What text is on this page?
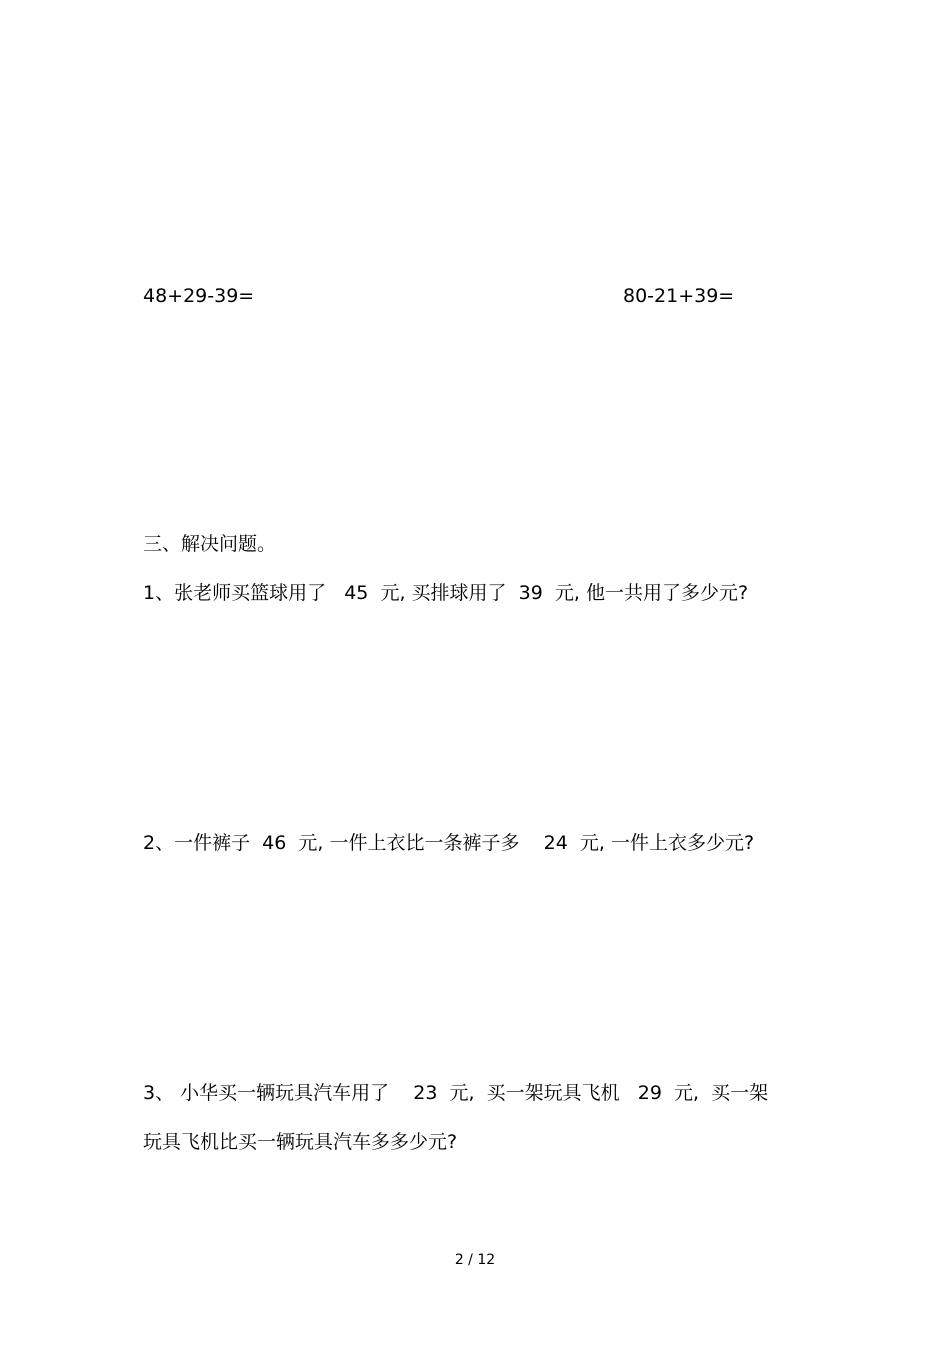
48+29-39=	80-21+39=
三、解决问题。
1、张老师买篮球用了   45  元, 买排球用了  39  元, 他一共用了多少元?
2、一件裤子  46  元, 一件上衣比一条裤子多    24  元, 一件上衣多少元?
3、 小华买一辆玩具汽车用了    23  元,  买一架玩具飞机   29  元,  买一架
玩具飞机比买一辆玩具汽车多多少元?
2 / 12
